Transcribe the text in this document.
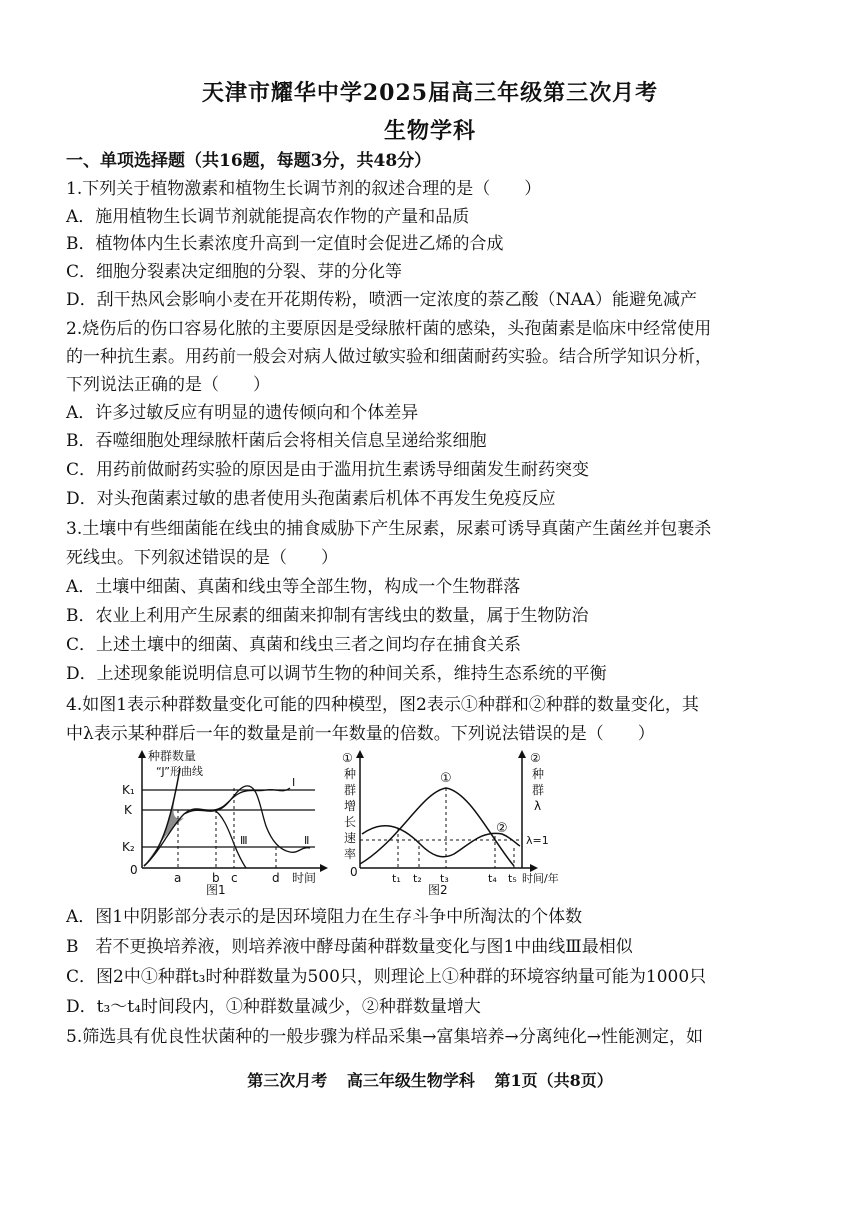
天津市耀华中学2025届高三年级第三次月考
生物学科
一、单项选择题（共16题，每题3分，共48分）
1.下列关于植物激素和植物生长调节剂的叙述合理的是（　　）
A．施用植物生长调节剂就能提高农作物的产量和品质
B．植物体内生长素浓度升高到一定值时会促进乙烯的合成
C．细胞分裂素决定细胞的分裂、芽的分化等
D．刮干热风会影响小麦在开花期传粉，喷洒一定浓度的萘乙酸（NAA）能避免减产
2.烧伤后的伤口容易化脓的主要原因是受绿脓杆菌的感染，头孢菌素是临床中经常使用
的一种抗生素。用药前一般会对病人做过敏实验和细菌耐药实验。结合所学知识分析，
下列说法正确的是（　　）
A．许多过敏反应有明显的遗传倾向和个体差异
B．吞噬细胞处理绿脓杆菌后会将相关信息呈递给浆细胞
C．用药前做耐药实验的原因是由于滥用抗生素诱导细菌发生耐药突变
D．对头孢菌素过敏的患者使用头孢菌素后机体不再发生免疫反应
3.土壤中有些细菌能在线虫的捕食威胁下产生尿素，尿素可诱导真菌产生菌丝并包裹杀
死线虫。下列叙述错误的是（　　）
A．土壤中细菌、真菌和线虫等全部生物，构成一个生物群落
B．农业上利用产生尿素的细菌来抑制有害线虫的数量，属于生物防治
C．上述土壤中的细菌、真菌和线虫三者之间均存在捕食关系
D．上述现象能说明信息可以调节生物的种间关系，维持生态系统的平衡
4.如图1表示种群数量变化可能的四种模型，图2表示①种群和②种群的数量变化，其
中λ表示某种群后一年的数量是前一年数量的倍数。下列说法错误的是（　　）
种群数量
“J”形曲线
K₁
K
K₂
0
a	b c	d 时间
Ⅰ
Ⅱ
Ⅲ
图1
①
种
群
增
长
速
率
0
②
种
群
λ
λ=1
①
②
t₁ t₂ t₃	t₄ t₅ 时间/年
图2
A．图1中阴影部分表示的是因环境阻力在生存斗争中所淘汰的个体数
B　若不更换培养液，则培养液中酵母菌种群数量变化与图1中曲线Ⅲ最相似
C．图2中①种群t₃时种群数量为500只，则理论上①种群的环境容纳量可能为1000只
D．t₃～t₄时间段内，①种群数量减少，②种群数量增大
5.筛选具有优良性状菌种的一般步骤为样品采集→富集培养→分离纯化→性能测定，如
第三次月考 高三年级生物学科 第1页（共8页）
